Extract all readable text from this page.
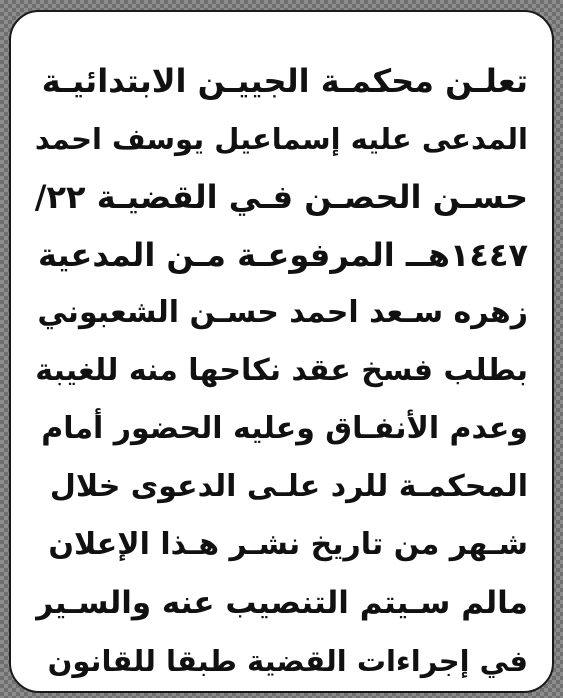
تعلـن محكمـة الجييـن الابتدائيـة
المدعى عليه إسماعيل يوسف احمد
حسـن الحصـن فـي القضيـة ٢٢/
١٤٤٧هــ المرفوعـة مـن المدعية
زهره سـعد احمد حسـن الشعبوني
بطلب فسخ عقد نكاحها منه للغيبة
وعدم الأنفـاق وعليه الحضور أمام
المحكمـة للرد علـى الدعوى خلال
شـهر من تاريخ نشـر هـذا الإعلان
مالم سـيتم التنصيب عنه والسـير
في إجراءات القضية طبقا للقانون
